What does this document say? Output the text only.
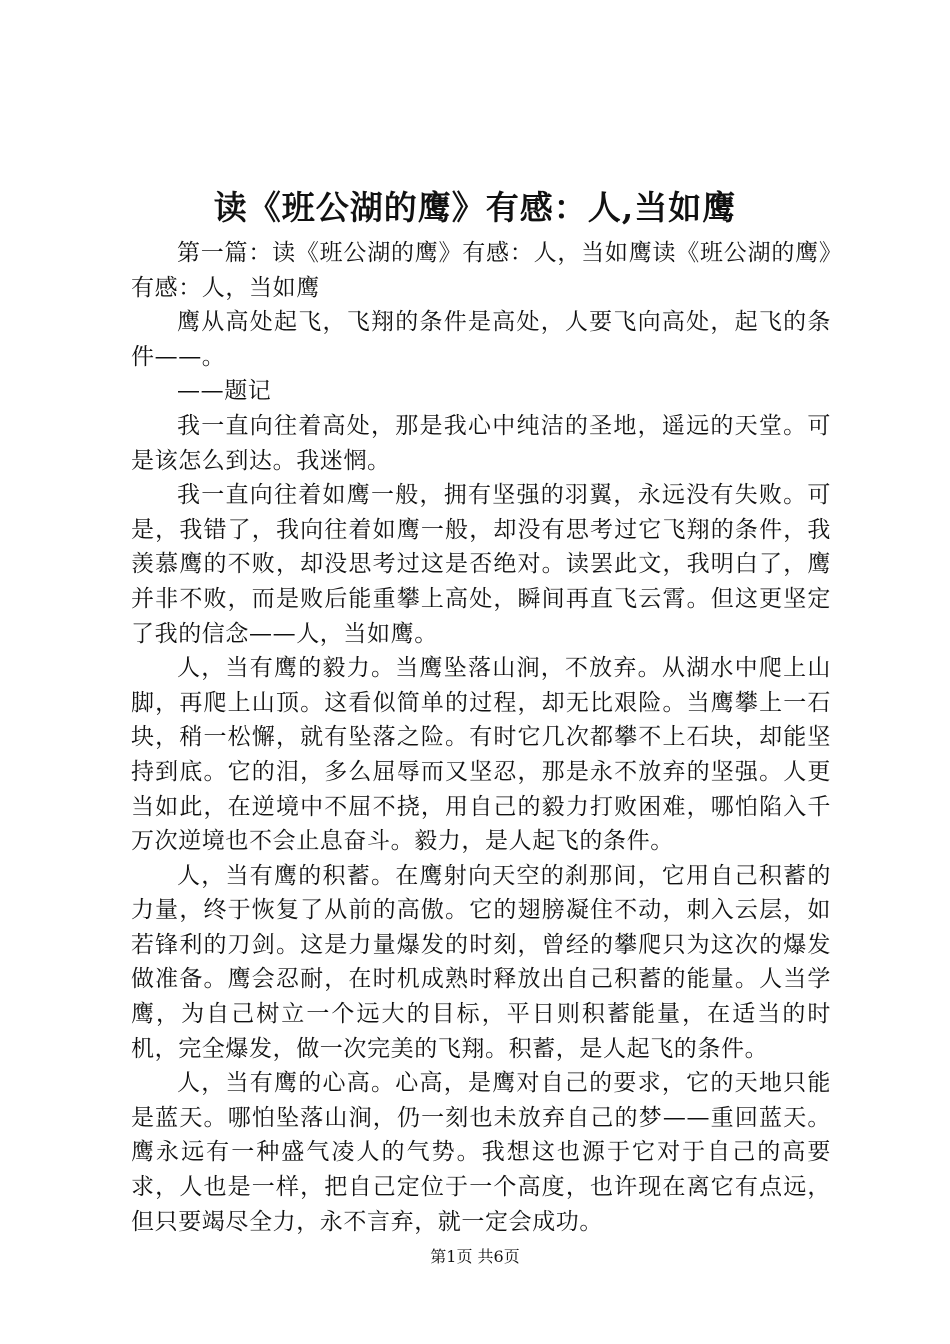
读《班公湖的鹰》有感：人,当如鹰

第一篇：读《班公湖的鹰》有感：人，当如鹰读《班公湖的鹰》有感：人，当如鹰

鹰从高处起飞，飞翔的条件是高处，人要飞向高处，起飞的条件——。

——题记

我一直向往着高处，那是我心中纯洁的圣地，遥远的天堂。可是该怎么到达。我迷惘。

我一直向往着如鹰一般，拥有坚强的羽翼，永远没有失败。可是，我错了，我向往着如鹰一般，却没有思考过它飞翔的条件，我羡慕鹰的不败，却没思考过这是否绝对。读罢此文，我明白了，鹰并非不败，而是败后能重攀上高处，瞬间再直飞云霄。但这更坚定了我的信念——人，当如鹰。

人，当有鹰的毅力。当鹰坠落山涧，不放弃。从湖水中爬上山脚，再爬上山顶。这看似简单的过程，却无比艰险。当鹰攀上一石块，稍一松懈，就有坠落之险。有时它几次都攀不上石块，却能坚持到底。它的泪，多么屈辱而又坚忍，那是永不放弃的坚强。人更当如此，在逆境中不屈不挠，用自己的毅力打败困难，哪怕陷入千万次逆境也不会止息奋斗。毅力，是人起飞的条件。

人，当有鹰的积蓄。在鹰射向天空的刹那间，它用自己积蓄的力量，终于恢复了从前的高傲。它的翅膀凝住不动，刺入云层，如若锋利的刀剑。这是力量爆发的时刻，曾经的攀爬只为这次的爆发做准备。鹰会忍耐，在时机成熟时释放出自己积蓄的能量。人当学鹰，为自己树立一个远大的目标，平日则积蓄能量，在适当的时机，完全爆发，做一次完美的飞翔。积蓄，是人起飞的条件。

人，当有鹰的心高。心高，是鹰对自己的要求，它的天地只能是蓝天。哪怕坠落山涧，仍一刻也未放弃自己的梦——重回蓝天。鹰永远有一种盛气凌人的气势。我想这也源于它对于自己的高要求，人也是一样，把自己定位于一个高度，也许现在离它有点远，但只要竭尽全力，永不言弃，就一定会成功。

第1页 共6页
